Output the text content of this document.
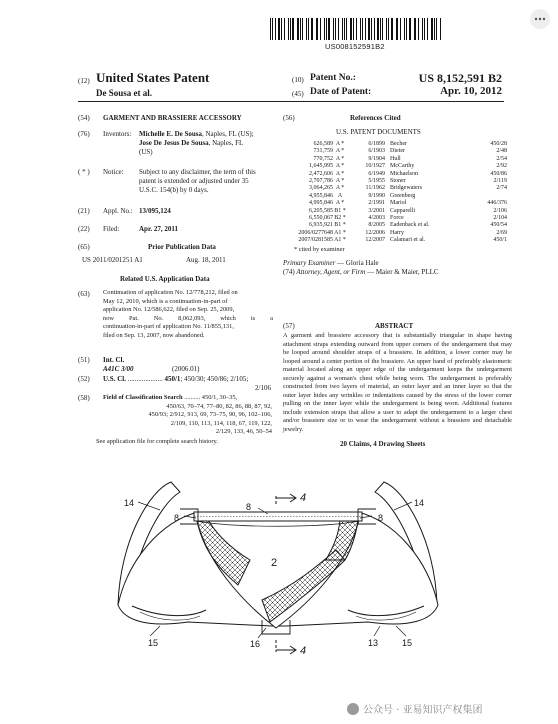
US008152591B2
(12) United States Patent
De Sousa et al.
(10) Patent No.:	US 8,152,591 B2
(45) Date of Patent:	Apr. 10, 2012
(54) GARMENT AND BRASSIERE ACCESSORY
(76) Inventors: Michelle E. De Sousa, Naples, FL (US);
Jose De Jesus De Sousa, Naples, FL
(US)
( * ) Notice: Subject to any disclaimer, the term of this
patent is extended or adjusted under 35
U.S.C. 154(b) by 0 days.
(21) Appl. No.: 13/095,124
(22) Filed:	Apr. 27, 2011
(65)	Prior Publication Data
US 2011/0201251 A1	Aug. 18, 2011
Related U.S. Application Data
(63) Continuation of application No. 12/778,212, filed on
May 12, 2010, which is a continuation-in-part of
application No. 12/586,622, filed on Sep. 25, 2009,
now Pat. No. 8,062,093, which is a
continuation-in-part of application No. 11/855,131,
filed on Sep. 13, 2007, now abandoned.
(51) Int. Cl.
A41C 3/00	(2006.01)
(52) U.S. Cl. .................... 450/1; 450/30; 450/86; 2/105;
2/106
(58) Field of Classification Search .......... 450/1, 30–35,
450/63, 70–74, 77–80, 82, 86, 88, 87, 92,
450/93; 2/912, 913, 69, 73–75, 90, 96, 102–106,
2/109, 110, 113, 114, 118, 67, 119, 122,
2/129, 133, 46, 50–54
See application file for complete search history.
(56)	References Cited
U.S. PATENT DOCUMENTS
626,589 A *	6/1899 Becher	450/28
731,759 A *	6/1903 Dieter	2/48
770,752 A *	9/1904 Hull	2/54
1,645,995 A *	10/1927 McCarthy	2/92
2,472,606 A *	6/1949 Michaelson	450/86
2,707,786 A *	5/1955 Stoner	2/119
3,064,265 A *	11/1962 Bridgewaters	2/74
4,955,846 A	9/1990 Greenberg
4,995,846 A *	2/1991 Mariol	446/376
6,205,585 B1 *	3/2001 Capparelli	2/106
6,550,067 B2 *	4/2003 Force	2/104
6,935,921 B1 *	8/2005 Eadenback et al.	450/54
2006/0277648 A1 *	12/2006 Harry	2/69
2007/0281585 A1 *	12/2007 Calamari et al.	450/1
* cited by examiner
Primary Examiner — Gloria Hale
(74) Attorney, Agent, or Firm — Maier & Maier, PLLC
(57)	ABSTRACT
A garment and brassiere accessory that is substantially triangular in shape having attachment straps extending outward from upper corners of the undergarment that may be looped around shoulder straps of a brassiere. In addition, a lower corner may be looped around a center portion of the brassiere. An upper band of preferably elastomeric material located along an upper edge of the undergarment keeps the undergarment securely against a woman's chest while being worn. The undergarment is preferably constructed from two layers of material, an outer layer and an inner layer so that the outer layer hides any wrinkles or indentations caused by the stress of the lower corner pulling on the inner layer while the undergarment is being worn. Additional features include extension straps that allow a user to adapt the undergarment to a larger chest and/or brassiere size or to wear the undergarment without a brassiere and detachable jewelry.
20 Claims, 4 Drawing Sheets
14	14
8
4
8	8
2
15	15
16	13
4
公众号 · 亚易知识产权集团
